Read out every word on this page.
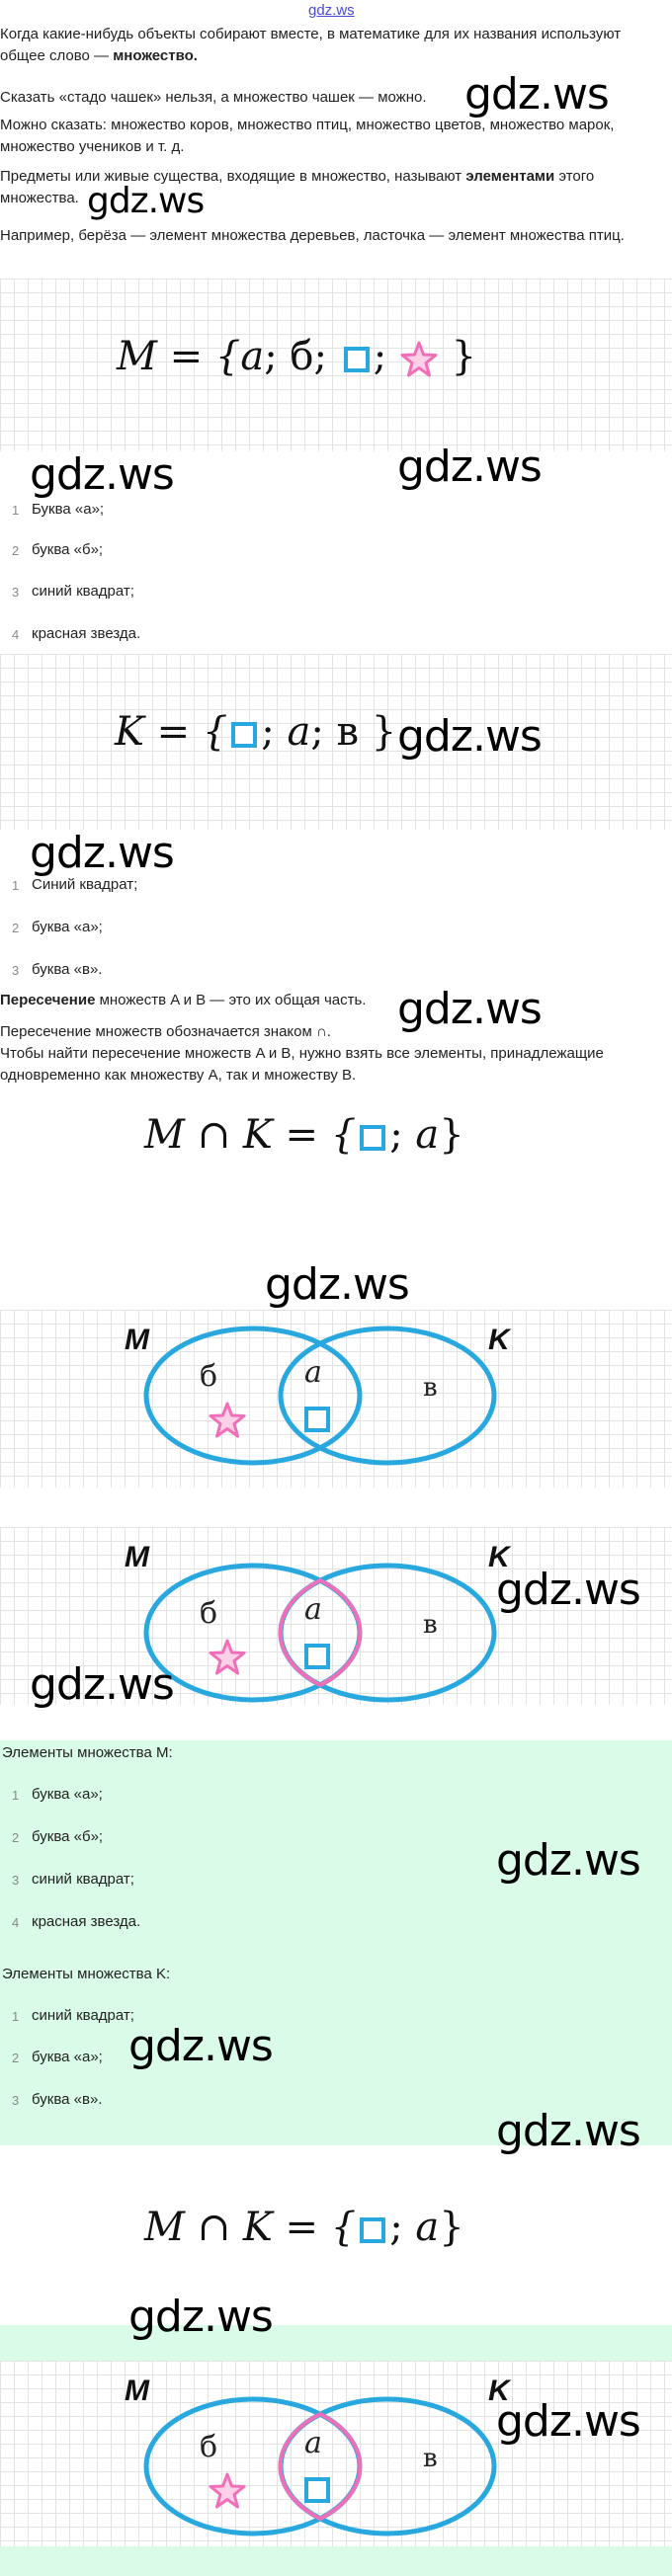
gdz.ws
Когда какие-нибудь объекты собирают вместе, в математике для их названия используют общее слово — множество.
Сказать «стадо чашек» нельзя, а множество чашек — можно.
Можно сказать: множество коров, множество птиц, множество цветов, множество марок, множество учеников и т. д.
Предметы или живые существа, входящие в множество, называют элементами этого множества.
Например, берёза — элемент множества деревьев, ласточка — элемент множества птиц.
gdz.ws
gdz.ws
M = {a; б; ;  }
gdz.ws	gdz.ws
1 Буква «а»;
2 буква «б»;
3 синий квадрат;
4 красная звезда.
K = { ; a; в } gdz.ws
gdz.ws
1 Синий квадрат;
2 буква «а»;
3 буква «в».
Пересечение множеств A и B — это их общая часть.
Пересечение множеств обозначается знаком ∩.
Чтобы найти пересечение множеств A и B, нужно взять все элементы, принадлежащие одновременно как множеству A, так и множеству B.
gdz.ws
M ∩ K = { ; a}
gdz.ws
M	K
б	a	в
M	K
б	a	в
gdz.ws
gdz.ws
Элементы множества M:
1 буква «а»;
2 буква «б»;
3 синий квадрат;
4 красная звезда.
Элементы множества K:
1 синий квадрат;
2 буква «а»;
3 буква «в».
gdz.ws
gdz.ws
gdz.ws
M ∩ K = { ; a}
gdz.ws
M	K
б	a	в
gdz.ws
